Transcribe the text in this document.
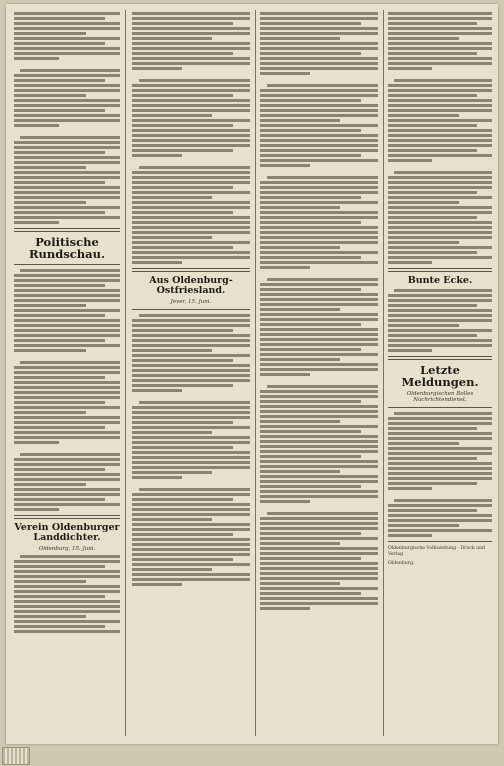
Politische Rundschau.
Verein Oldenburger Landdichter.
Oldenburg, 15. Juni.
Aus Oldenburg-Ostfriesland.
Jever, 15. Juni.
Bunte Ecke.
Letzte Meldungen.
Oldenburgischen Bolles Nachrichtendienst.
Oldenburgische Volkszeitung - Druck und Verlag
Oldenburg.
